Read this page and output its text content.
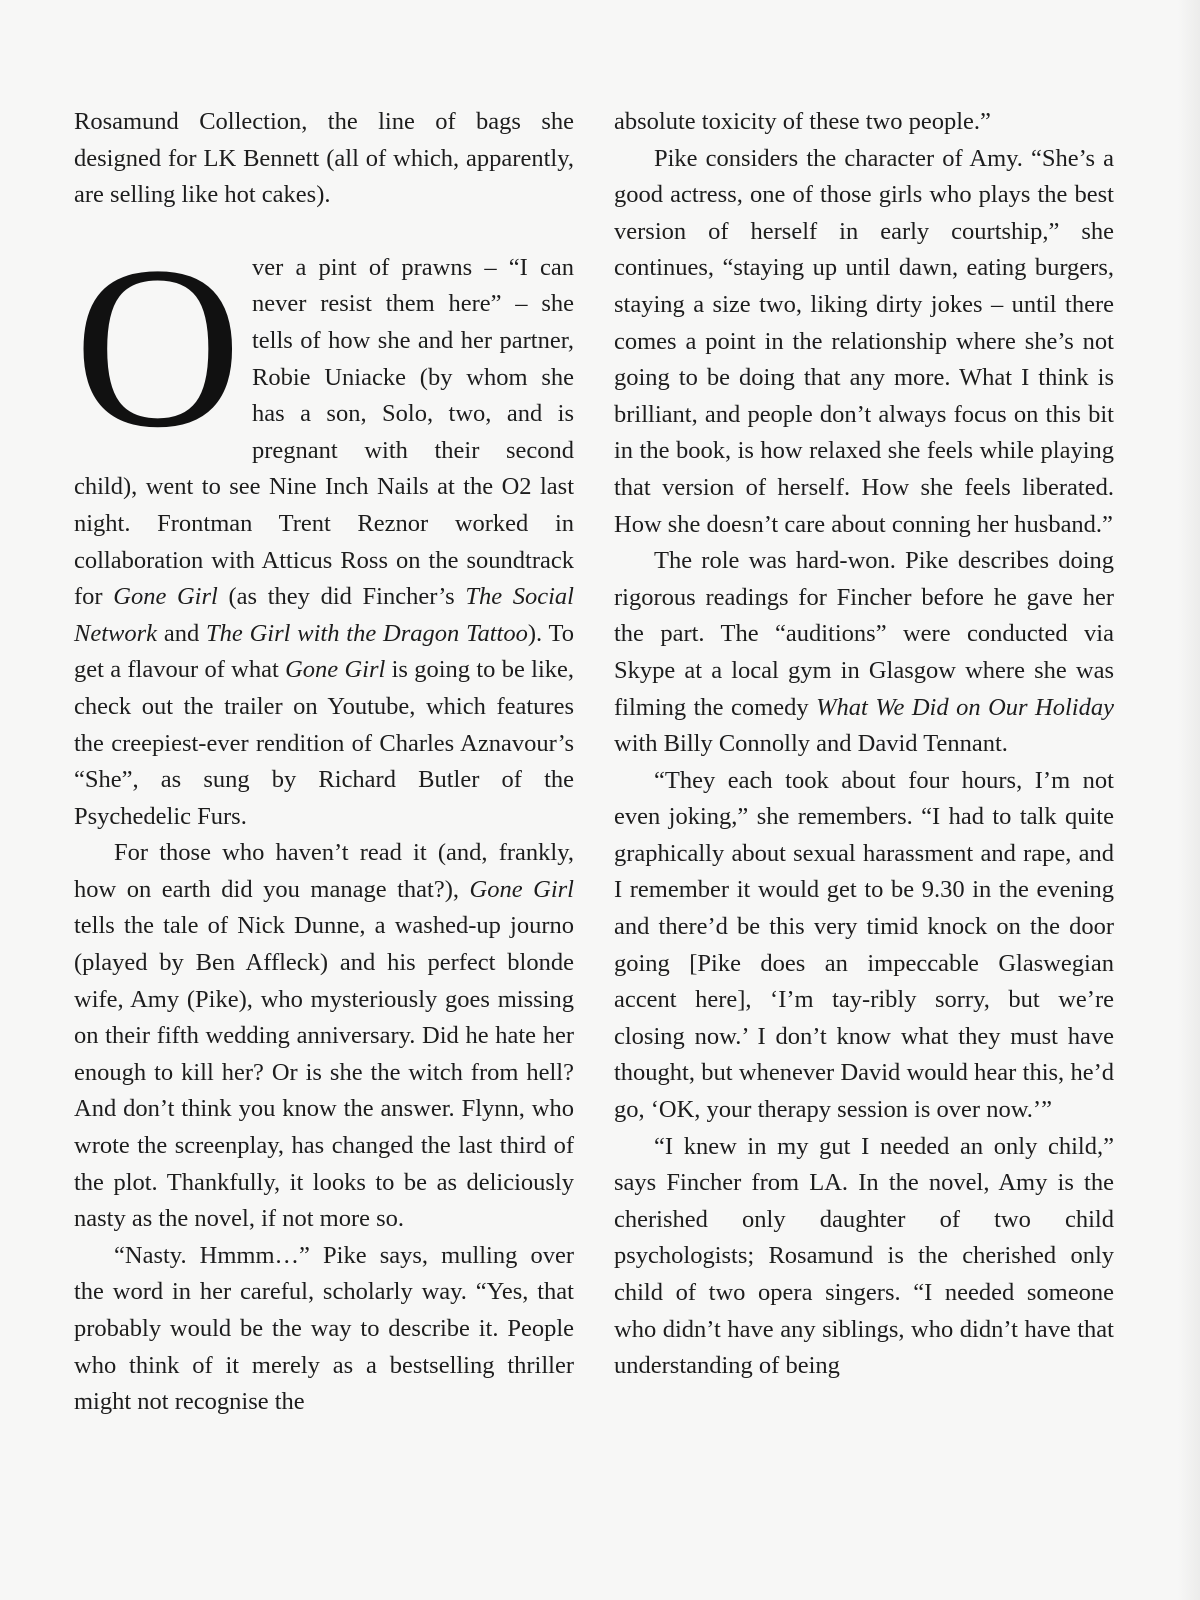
Rosamund Collection, the line of bags she designed for LK Bennett (all of which, apparently, are selling like hot cakes).

Over a pint of prawns – “I can never resist them here” – she tells of how she and her partner, Robie Uniacke (by whom she has a son, Solo, two, and is pregnant with their second child), went to see Nine Inch Nails at the O2 last night. Frontman Trent Reznor worked in collaboration with Atticus Ross on the soundtrack for Gone Girl (as they did Fincher’s The Social Network and The Girl with the Dragon Tattoo). To get a flavour of what Gone Girl is going to be like, check out the trailer on Youtube, which features the creepiest-ever rendition of Charles Aznavour’s “She”, as sung by Richard Butler of the Psychedelic Furs.

For those who haven’t read it (and, frankly, how on earth did you manage that?), Gone Girl tells the tale of Nick Dunne, a washed-up journo (played by Ben Affleck) and his perfect blonde wife, Amy (Pike), who mysteriously goes missing on their fifth wedding anniversary. Did he hate her enough to kill her? Or is she the witch from hell? And don’t think you know the answer. Flynn, who wrote the screenplay, has changed the last third of the plot. Thankfully, it looks to be as deliciously nasty as the novel, if not more so.

“Nasty. Hmmm…” Pike says, mulling over the word in her careful, scholarly way. “Yes, that probably would be the way to describe it. People who think of it merely as a bestselling thriller might not recognise the

absolute toxicity of these two people.”

Pike considers the character of Amy. “She’s a good actress, one of those girls who plays the best version of herself in early courtship,” she continues, “staying up until dawn, eating burgers, staying a size two, liking dirty jokes – until there comes a point in the relationship where she’s not going to be doing that any more. What I think is brilliant, and people don’t always focus on this bit in the book, is how relaxed she feels while playing that version of herself. How she feels liberated. How she doesn’t care about conning her husband.”

The role was hard-won. Pike describes doing rigorous readings for Fincher before he gave her the part. The “auditions” were conducted via Skype at a local gym in Glasgow where she was filming the comedy What We Did on Our Holiday with Billy Connolly and David Tennant.

“They each took about four hours, I’m not even joking,” she remembers. “I had to talk quite graphically about sexual harassment and rape, and I remember it would get to be 9.30 in the evening and there’d be this very timid knock on the door going [Pike does an impeccable Glaswegian accent here], ‘I’m tay-ribly sorry, but we’re closing now.’ I don’t know what they must have thought, but whenever David would hear this, he’d go, ‘OK, your therapy session is over now.’”

“I knew in my gut I needed an only child,” says Fincher from LA. In the novel, Amy is the cherished only daughter of two child psychologists; Rosamund is the cherished only child of two opera singers. “I needed someone who didn’t have any siblings, who didn’t have that understanding of being
